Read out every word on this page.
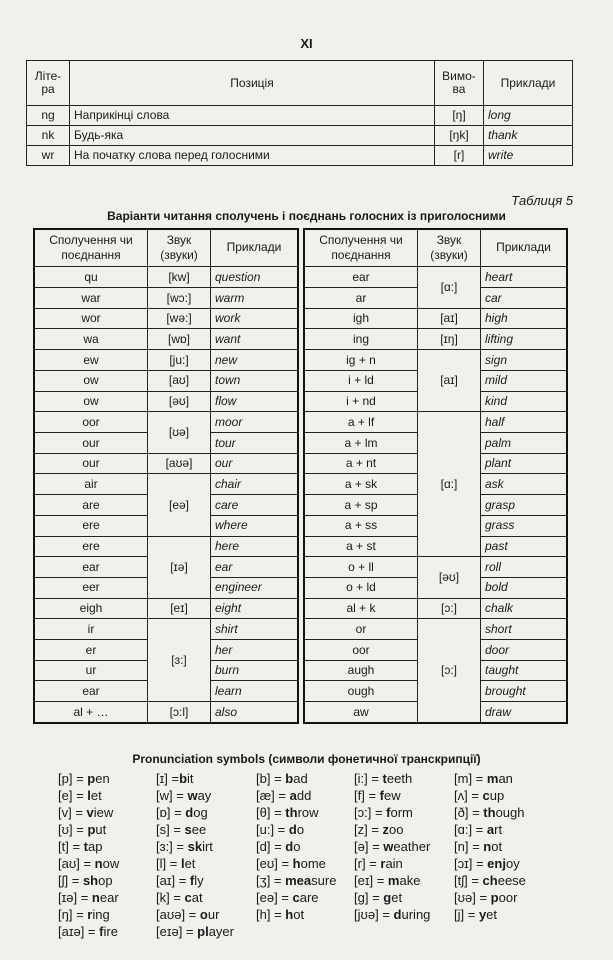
XI
Літе-ра	Позиція	Вимо-ва	Приклади
ng	Наприкінці слова	[ŋ]	long
nk	Будь-яка	[ŋk]	thank
wr	На початку слова перед голосними	[r]	write
Таблиця 5
Варіанти читання сполучень і поєднань голосних із приголосними
Сполучення чи поєднання	Звук (звуки)	Приклади
qu	[kw]	question
war	[wɔ:]	warm
wor	[wə:]	work
wa	[wɒ]	want
ew	[ju:]	new
ow	[aʊ]	town
ow	[əʊ]	flow
oor	[ʊə]	moor
our		tour
our	[aʊə]	our
air	[eə]	chair
are		care
ere		where
ere	[ɪə]	here
ear		ear
eer		engineer
eigh	[eɪ]	eight
ir	[ɜ:]	shirt
er		her
ur		burn
ear		learn
al + …	[ɔ:l]	also
Сполучення чи поєднання	Звук (звуки)	Приклади
ear	[ɑ:]	heart
ar		car
igh	[aɪ]	high
ing	[ɪŋ]	lifting
ig + n	[aɪ]	sign
i + ld		mild
i + nd		kind
a + lf	[ɑ:]	half
a + lm		palm
a + nt		plant
a + sk		ask
a + sp		grasp
a + ss		grass
a + st		past
o + ll	[əʊ]	roll
o + ld		bold
al + k	[ɔ:]	chalk
or	[ɔ:]	short
oor		door
augh		taught
ough		brought
aw		draw
Pronunciation symbols (символи фонетичної транскрипції)
[p] = pen
[e] = let
[v] = view
[ʊ] = put
[t] = tap
[aʊ] = now
[ʃ] = shop
[ɪə] = near
[ŋ] = ring
[aɪə] = fire
[ɪ] =bit
[w] = way
[ɒ] = dog
[s] = see
[ɜ:] = skirt
[l] = let
[aɪ] = fly
[k] = cat
[aʊə] = our
[eɪə] = player
[b] = bad
[æ] = add
[θ] = throw
[u:] = do
[d] = do
[eʊ] = home
[ʒ] = measure
[eə] = care
[h] = hot
[i:] = teeth
[f] = few
[ɔ:] = form
[z] = zoo
[ə] = weather
[r] = rain
[eɪ] = make
[g] = get
[jʊə] = during
[m] = man
[ʌ] = cup
[ð] = though
[ɑ:] = art
[n] = not
[ɔɪ] = enjoy
[tʃ] = cheese
[ʊə] = poor
[j] = yet
